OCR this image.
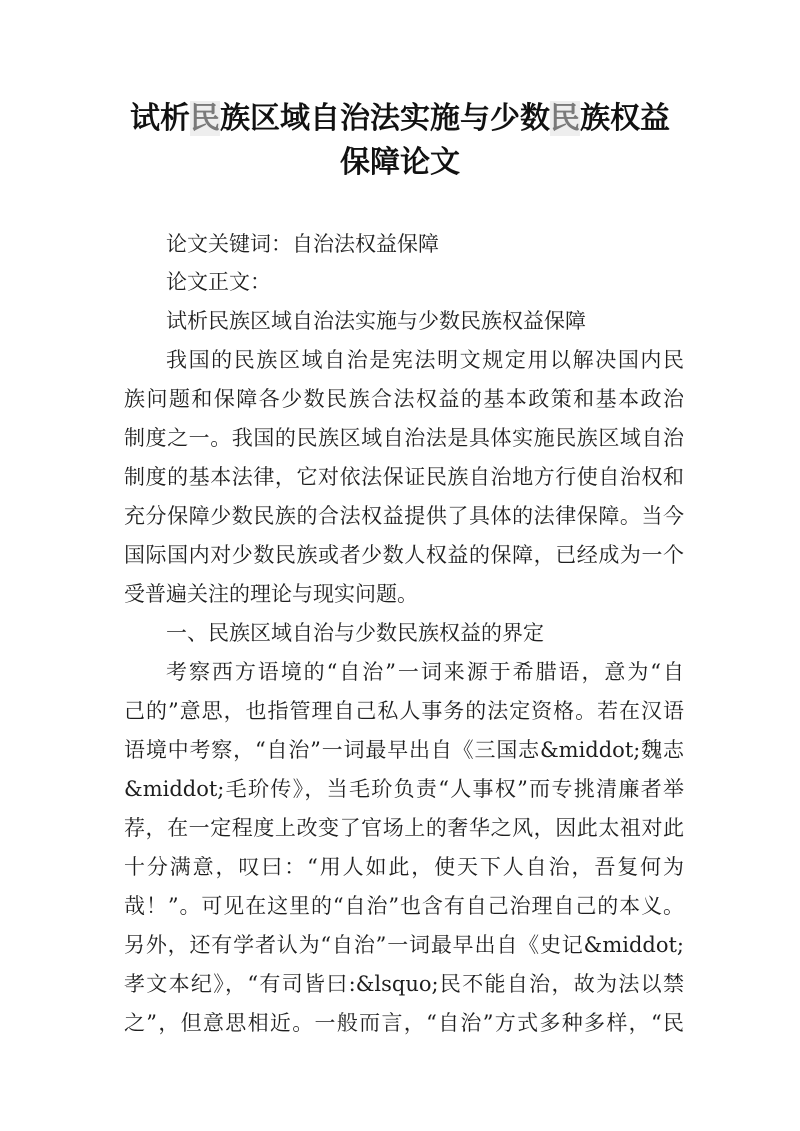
试析民族区域自治法实施与少数民族权益
保障论文
论文关键词：自治法权益保障
论文正文：
试析民族区域自治法实施与少数民族权益保障
我国的民族区域自治是宪法明文规定用以解决国内民
族问题和保障各少数民族合法权益的基本政策和基本政治
制度之一。我国的民族区域自治法是具体实施民族区域自治
制度的基本法律，它对依法保证民族自治地方行使自治权和
充分保障少数民族的合法权益提供了具体的法律保障。当今
国际国内对少数民族或者少数人权益的保障，已经成为一个
受普遍关注的理论与现实问题。
一、民族区域自治与少数民族权益的界定
考察西方语境的“自治”一词来源于希腊语，意为“自
己的”意思，也指管理自己私人事务的法定资格。若在汉语
语境中考察，“自治”一词最早出自《三国志&middot;魏志
&middot;毛玠传》，当毛玠负责“人事权”而专挑清廉者举
荐，在一定程度上改变了官场上的奢华之风，因此太祖对此
十分满意，叹曰：“用人如此，使天下人自治，吾复何为
哉！”。可见在这里的“自治”也含有自己治理自己的本义。
另外，还有学者认为“自治”一词最早出自《史记&middot;
孝文本纪》，“有司皆曰:&lsquo;民不能自治，故为法以禁
之”，但意思相近。一般而言，“自治”方式多种多样，“民
